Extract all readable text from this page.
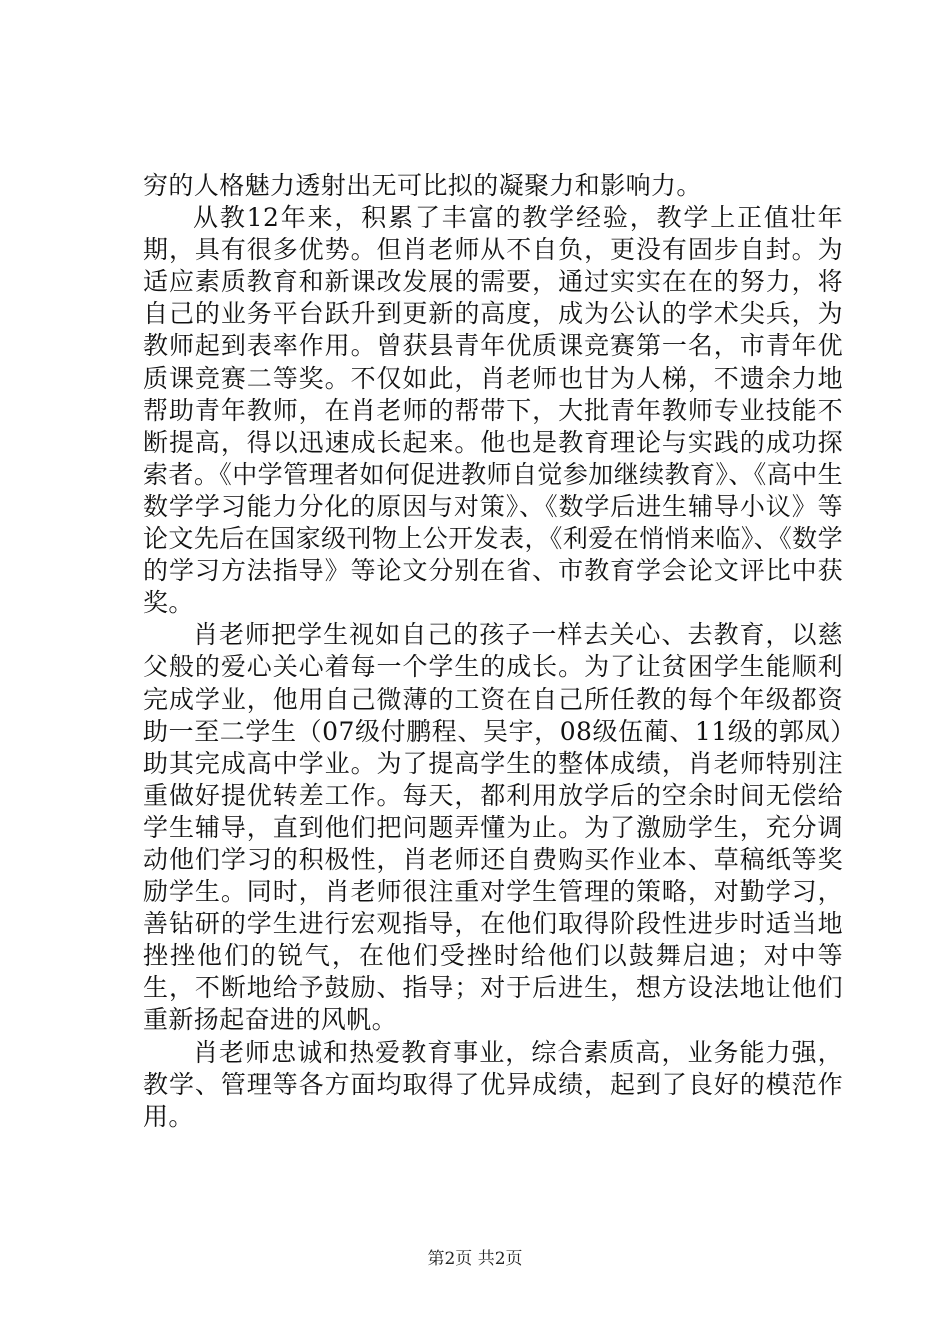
穷的人格魅力透射出无可比拟的凝聚力和影响力。

从教12年来，积累了丰富的教学经验，教学上正值壮年期，具有很多优势。但肖老师从不自负，更没有固步自封。为适应素质教育和新课改发展的需要，通过实实在在的努力，将自己的业务平台跃升到更新的高度，成为公认的学术尖兵，为教师起到表率作用。曾获县青年优质课竞赛第一名，市青年优质课竞赛二等奖。不仅如此，肖老师也甘为人梯，不遗余力地帮助青年教师，在肖老师的帮带下，大批青年教师专业技能不断提高，得以迅速成长起来。他也是教育理论与实践的成功探索者。《中学管理者如何促进教师自觉参加继续教育》、《高中生数学学习能力分化的原因与对策》、《数学后进生辅导小议》等论文先后在国家级刊物上公开发表，《利爱在悄悄来临》、《数学的学习方法指导》等论文分别在省、市教育学会论文评比中获奖。

肖老师把学生视如自己的孩子一样去关心、去教育，以慈父般的爱心关心着每一个学生的成长。为了让贫困学生能顺利完成学业，他用自己微薄的工资在自己所任教的每个年级都资助一至二学生（07级付鹏程、吴宇，08级伍蔺、11级的郭凤）助其完成高中学业。为了提高学生的整体成绩，肖老师特别注重做好提优转差工作。每天，都利用放学后的空余时间无偿给学生辅导，直到他们把问题弄懂为止。为了激励学生，充分调动他们学习的积极性，肖老师还自费购买作业本、草稿纸等奖励学生。同时，肖老师很注重对学生管理的策略，对勤学习，善钻研的学生进行宏观指导，在他们取得阶段性进步时适当地挫挫他们的锐气，在他们受挫时给他们以鼓舞启迪；对中等生，不断地给予鼓励、指导；对于后进生，想方设法地让他们重新扬起奋进的风帆。

肖老师忠诚和热爱教育事业，综合素质高，业务能力强，教学、管理等各方面均取得了优异成绩，起到了良好的模范作用。

第2页 共2页
